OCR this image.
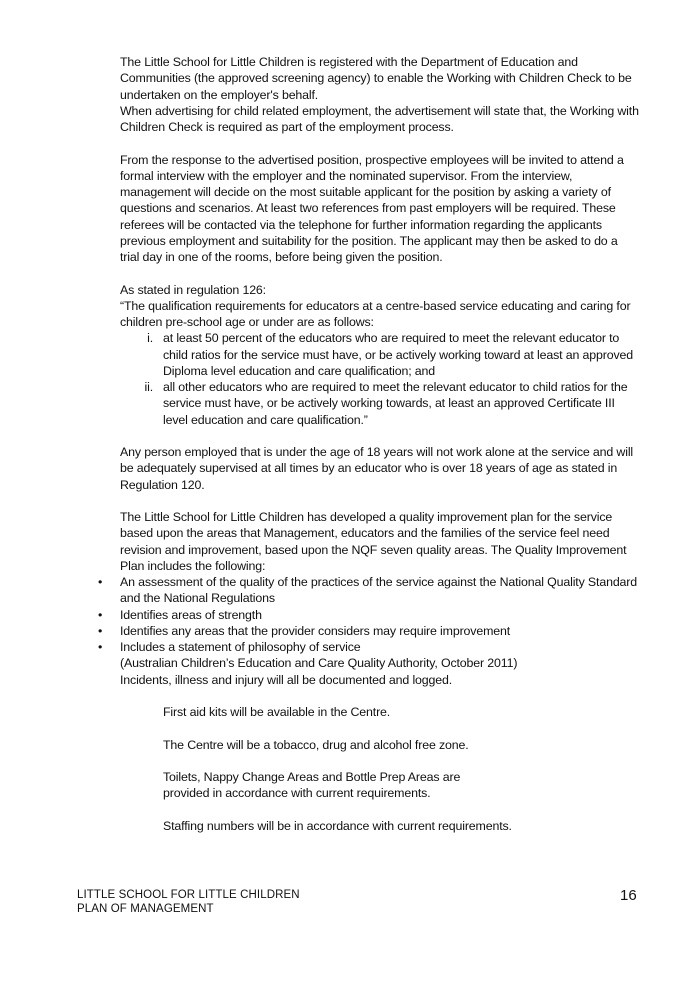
The Little School for Little Children is registered with the Department of Education and Communities (the approved screening agency) to enable the Working with Children Check to be undertaken on the employer's behalf.

When advertising for child related employment, the advertisement will state that, the Working with Children Check is required as part of the employment process.

From the response to the advertised position, prospective employees will be invited to attend a formal interview with the employer and the nominated supervisor. From the interview, management will decide on the most suitable applicant for the position by asking a variety of questions and scenarios. At least two references from past employers will be required. These referees will be contacted via the telephone for further information regarding the applicants previous employment and suitability for the position. The applicant may then be asked to do a trial day in one of the rooms, before being given the position.

As stated in regulation 126:

“The qualification requirements for educators at a centre-based service educating and caring for children pre-school age or under are as follows:

i. at least 50 percent of the educators who are required to meet the relevant educator to child ratios for the service must have, or be actively working toward at least an approved Diploma level education and care qualification; and
ii. all other educators who are required to meet the relevant educator to child ratios for the service must have, or be actively working towards, at least an approved Certificate III level education and care qualification.”

Any person employed that is under the age of 18 years will not work alone at the service and will be adequately supervised at all times by an educator who is over 18 years of age as stated in Regulation 120.

The Little School for Little Children has developed a quality improvement plan for the service based upon the areas that Management, educators and the families of the service feel need revision and improvement, based upon the NQF seven quality areas. The Quality Improvement Plan includes the following:

• An assessment of the quality of the practices of the service against the National Quality Standard and the National Regulations
• Identifies areas of strength
• Identifies any areas that the provider considers may require improvement
• Includes a statement of philosophy of service

(Australian Children’s Education and Care Quality Authority, October 2011)

Incidents, illness and injury will all be documented and logged.

First aid kits will be available in the Centre.

The Centre will be a tobacco, drug and alcohol free zone.

Toilets, Nappy Change Areas and Bottle Prep Areas are

provided in accordance with current requirements.

Staffing numbers will be in accordance with current requirements.

LITTLE SCHOOL FOR LITTLE CHILDREN
PLAN OF MANAGEMENT
16
